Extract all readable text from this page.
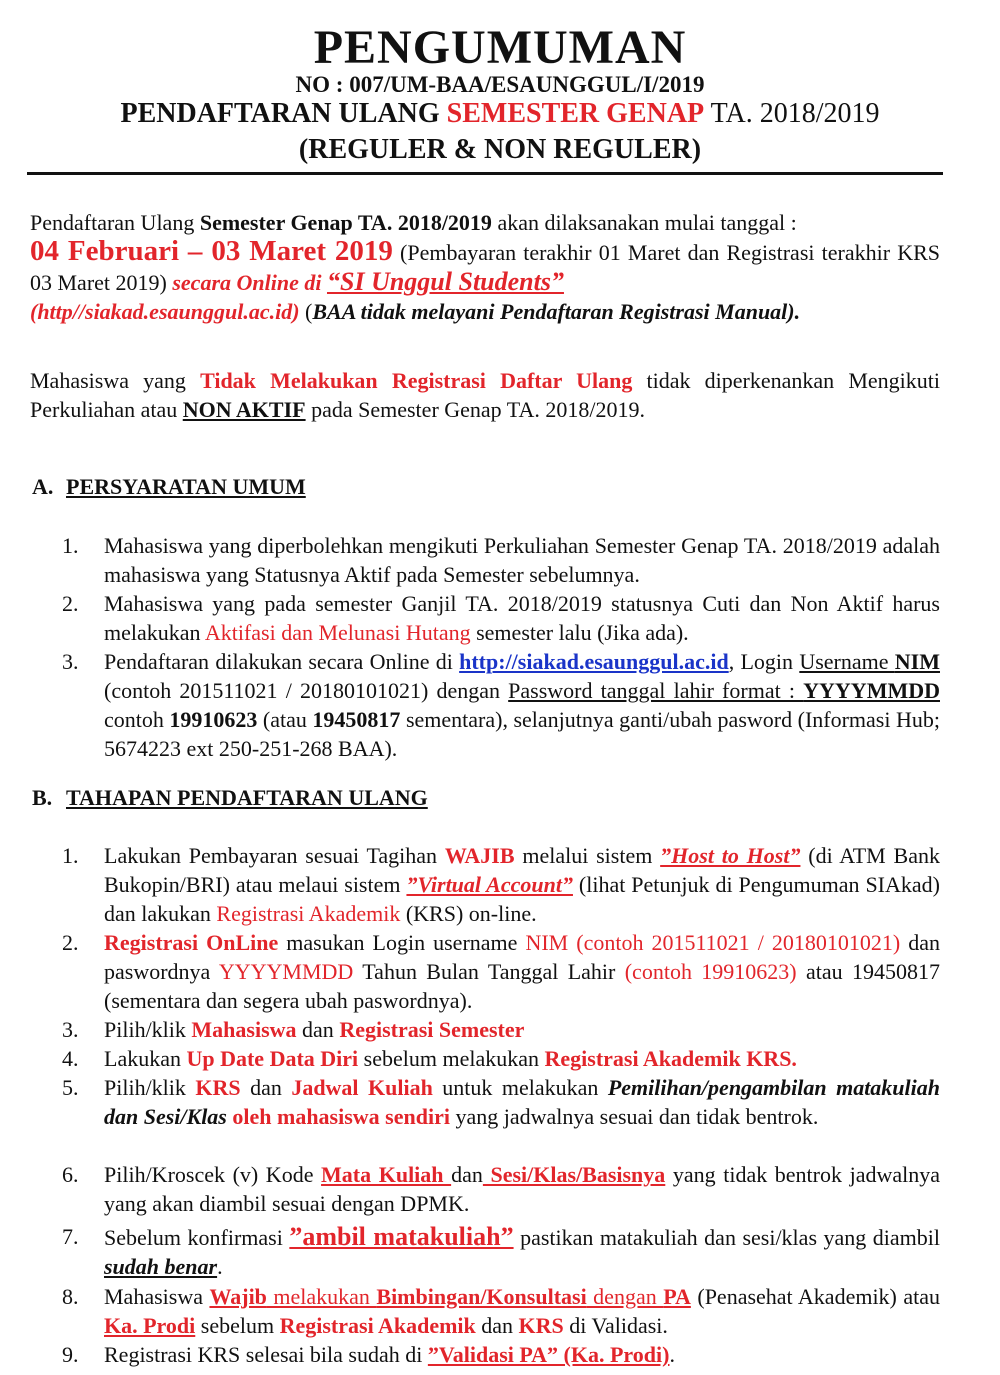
PENGUMUMAN
NO : 007/UM-BAA/ESAUNGGUL/I/2019
PENDAFTARAN ULANG SEMESTER GENAP TA. 2018/2019
(REGULER & NON REGULER)
Pendaftaran Ulang Semester Genap TA. 2018/2019 akan dilaksanakan mulai tanggal :
04 Februari – 03 Maret 2019 (Pembayaran terakhir 01 Maret dan Registrasi terakhir KRS 03 Maret 2019) secara Online di “SI Unggul Students”
(http//siakad.esaunggul.ac.id) (BAA tidak melayani Pendaftaran Registrasi Manual).
Mahasiswa yang Tidak Melakukan Registrasi Daftar Ulang tidak diperkenankan Mengikuti Perkuliahan atau NON AKTIF pada Semester Genap TA. 2018/2019.
A. PERSYARATAN UMUM
1.	Mahasiswa yang diperbolehkan mengikuti Perkuliahan Semester Genap TA. 2018/2019 adalah mahasiswa yang Statusnya Aktif pada Semester sebelumnya.
2.	Mahasiswa yang pada semester Ganjil TA. 2018/2019 statusnya Cuti dan Non Aktif harus melakukan Aktifasi dan Melunasi Hutang semester lalu (Jika ada).
3.	Pendaftaran dilakukan secara Online di http://siakad.esaunggul.ac.id, Login Username NIM (contoh 201511021 / 20180101021) dengan Password tanggal lahir format : YYYYMMDD contoh 19910623 (atau 19450817 sementara), selanjutnya ganti/ubah pasword (Informasi Hub; 5674223 ext 250-251-268 BAA).
B. TAHAPAN PENDAFTARAN ULANG
1.	Lakukan Pembayaran sesuai Tagihan WAJIB melalui sistem ”Host to Host” (di ATM Bank Bukopin/BRI) atau melaui sistem ”Virtual Account” (lihat Petunjuk di Pengumuman SIAkad) dan lakukan Registrasi Akademik (KRS) on-line.
2.	Registrasi OnLine masukan Login username NIM (contoh 201511021 / 20180101021) dan paswordnya YYYYMMDD Tahun Bulan Tanggal Lahir (contoh 19910623) atau 19450817 (sementara dan segera ubah paswordnya).
3.	Pilih/klik Mahasiswa dan Registrasi Semester
4.	Lakukan Up Date Data Diri sebelum melakukan Registrasi Akademik KRS.
5.	Pilih/klik KRS dan Jadwal Kuliah untuk melakukan Pemilihan/pengambilan matakuliah dan Sesi/Klas oleh mahasiswa sendiri yang jadwalnya sesuai dan tidak bentrok.
6.	Pilih/Kroscek (v) Kode Mata Kuliah dan Sesi/Klas/Basisnya yang tidak bentrok jadwalnya yang akan diambil sesuai dengan DPMK.
7.	Sebelum konfirmasi ”ambil matakuliah” pastikan matakuliah dan sesi/klas yang diambil sudah benar.
8.	Mahasiswa Wajib melakukan Bimbingan/Konsultasi dengan PA (Penasehat Akademik) atau Ka. Prodi sebelum Registrasi Akademik dan KRS di Validasi.
9.	Registrasi KRS selesai bila sudah di ”Validasi PA” (Ka. Prodi).
